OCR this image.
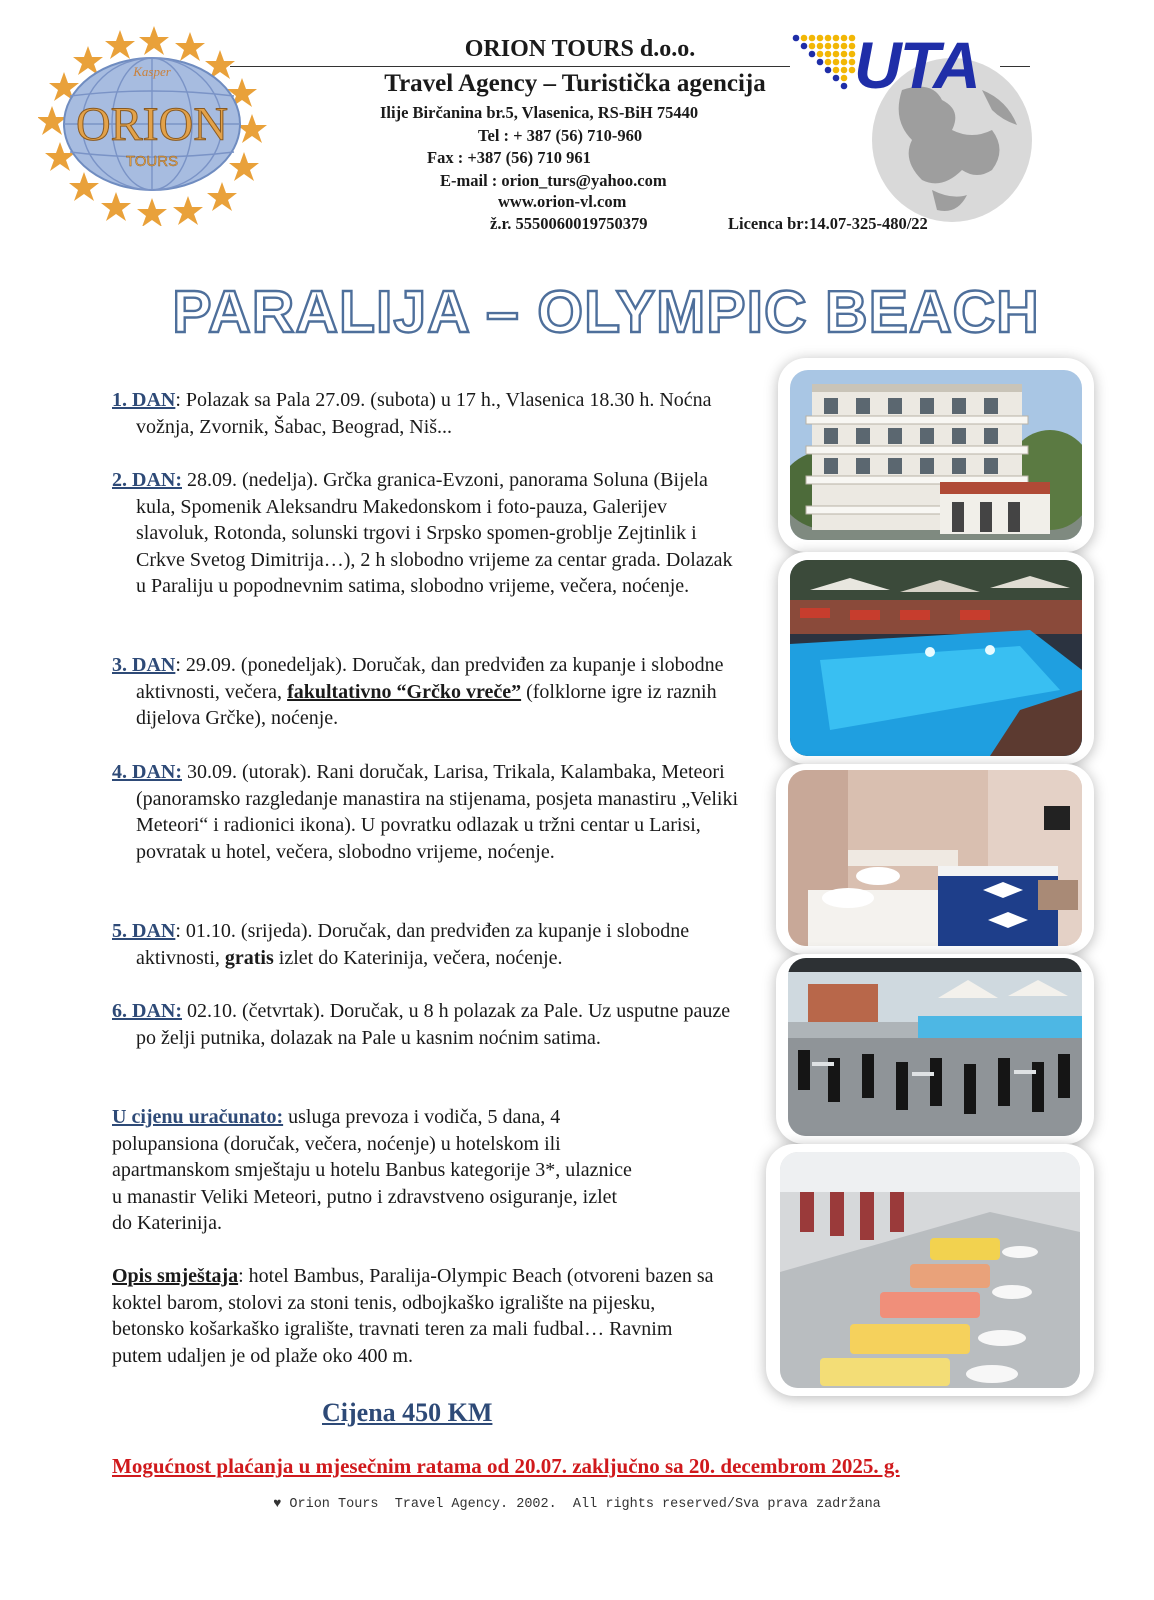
Kasper
ORION
TOURS
ORION TOURS d.o.o.
Travel Agency – Turistička agencija
Ilije Birčanina br.5, Vlasenica, RS-BiH 75440
Tel : + 387 (56) 710-960
Fax : +387 (56) 710 961
E-mail : orion_turs@yahoo.com
www.orion-vl.com
ž.r. 5550060019750379	Licenca br:14.07-325-480/22
UTA
PARALIJA – OLYMPIC BEACH

1. DAN: Polazak sa Pala 27.09. (subota) u 17 h., Vlasenica 18.30 h. Noćna vožnja, Zvornik, Šabac, Beograd, Niš...

2. DAN: 28.09. (nedelja). Grčka granica-Evzoni, panorama Soluna (Bijela kula, Spomenik Aleksandru Makedonskom i foto-pauza, Galerijev slavoluk, Rotonda, solunski trgovi i Srpsko spomen-groblje Zejtinlik i Crkve Svetog Dimitrija…), 2 h slobodno vrijeme za centar grada. Dolazak u Paraliju u popodnevnim satima, slobodno vrijeme, večera, noćenje.

3. DAN: 29.09. (ponedeljak). Doručak, dan predviđen za kupanje i slobodne aktivnosti, večera, fakultativno “Grčko vreče” (folklorne igre iz raznih dijelova Grčke), noćenje.

4. DAN: 30.09. (utorak). Rani doručak, Larisa, Trikala, Kalambaka, Meteori (panoramsko razgledanje manastira na stijenama, posjeta manastiru „Veliki Meteori“ i radionici ikona). U povratku odlazak u tržni centar u Larisi, povratak u hotel, večera, slobodno vrijeme, noćenje.

5. DAN: 01.10. (srijeda). Doručak, dan predviđen za kupanje i slobodne aktivnosti, gratis izlet do Katerinija, večera, noćenje.

6. DAN: 02.10. (četvrtak). Doručak, u 8 h polazak za Pale. Uz usputne pauze po želji putnika, dolazak na Pale u kasnim noćnim satima.

U cijenu uračunato: usluga prevoza i vodiča, 5 dana, 4 polupansiona (doručak, večera, noćenje) u hotelskom ili apartmanskom smještaju u hotelu Banbus kategorije 3*, ulaznice u manastir Veliki Meteori, putno i zdravstveno osiguranje, izlet do Katerinija.
Opis smještaja: hotel Bambus, Paralija-Olympic Beach (otvoreni bazen sa koktel barom, stolovi za stoni tenis, odbojkaško igralište na pijesku, betonsko košarkaško igralište, travnati teren za mali fudbal… Ravnim putem udaljen je od plaže oko 400 m.
Cijena 450 KM
Mogućnost plaćanja u mjesečnim ratama od 20.07. zaključno sa 20. decembrom 2025. g.
♥ Orion Tours  Travel Agency. 2002.  All rights reserved/Sva prava zadržana
